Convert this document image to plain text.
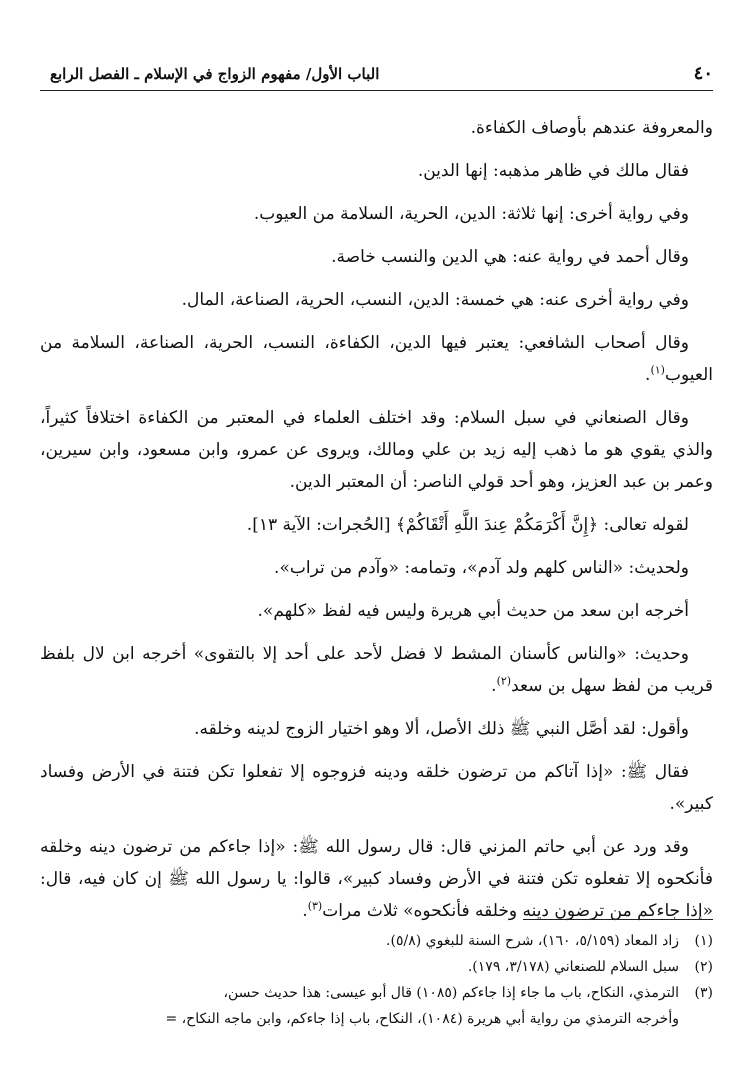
٤٠
الباب الأول/ مفهوم الزواج في الإسلام ـ الفصل الرابع

والمعروفة عندهم بأوصاف الكفاءة.

فقال مالك في ظاهر مذهبه: إنها الدين.

وفي رواية أخرى: إنها ثلاثة: الدين، الحرية، السلامة من العيوب.

وقال أحمد في رواية عنه: هي الدين والنسب خاصة.

وفي رواية أخرى عنه: هي خمسة: الدين، النسب، الحرية، الصناعة، المال.

وقال أصحاب الشافعي: يعتبر فيها الدين، الكفاءة، النسب، الحرية، الصناعة، السلامة من العيوب$^{(١)}$.

وقال الصنعاني في سبل السلام: وقد اختلف العلماء في المعتبر من الكفاءة اختلافاً كثيراً، والذي يقوي هو ما ذهب إليه زيد بن علي ومالك، ويروى عن عمرو، وابن مسعود، وابن سيرين، وعمر بن عبد العزيز، وهو أحد قولي الناصر: أن المعتبر الدين.

لقوله تعالى: ﴿إِنَّ أَكْرَمَكُمْ عِندَ اللَّهِ أَتْقَاكُمْ﴾ [الحُجرات: الآية ١٣].

ولحديث: «الناس كلهم ولد آدم»، وتمامه: «وآدم من تراب».

أخرجه ابن سعد من حديث أبي هريرة وليس فيه لفظ «كلهم».

وحديث: «والناس كأسنان المشط لا فضل لأحد على أحد إلا بالتقوى» أخرجه ابن لال بلفظ قريب من لفظ سهل بن سعد$^{(٢)}$.

وأقول: لقد أصَّل النبي ﷺ ذلك الأصل، ألا وهو اختيار الزوج لدينه وخلقه.

فقال ﷺ: «إذا آتاكم من ترضون خلقه ودينه فزوجوه إلا تفعلوا تكن فتنة في الأرض وفساد كبير».

وقد ورد عن أبي حاتم المزني قال: قال رسول الله ﷺ: «إذا جاءكم من ترضون دينه وخلقه فأنكحوه إلا تفعلوه تكن فتنة في الأرض وفساد كبير»، قالوا: يا رسول الله ﷺ إن كان فيه، قال: «إذا جاءكم من ترضون دينه وخلقه فأنكحوه» ثلاث مرات$^{(٣)}$.

(١)زاد المعاد (٥/١٥٩، ١٦٠)، شرح السنة للبغوي (٥/٨).
(٢)سبل السلام للصنعاني (٣/١٧٨، ١٧٩).
(٣)الترمذي، النكاح، باب ما جاء إذا جاءكم (١٠٨٥) قال أبو عيسى: هذا حديث حسن،
وأخرجه الترمذي من رواية أبي هريرة (١٠٨٤)، النكاح، باب إذا جاءكم، وابن ماجه النكاح، =
